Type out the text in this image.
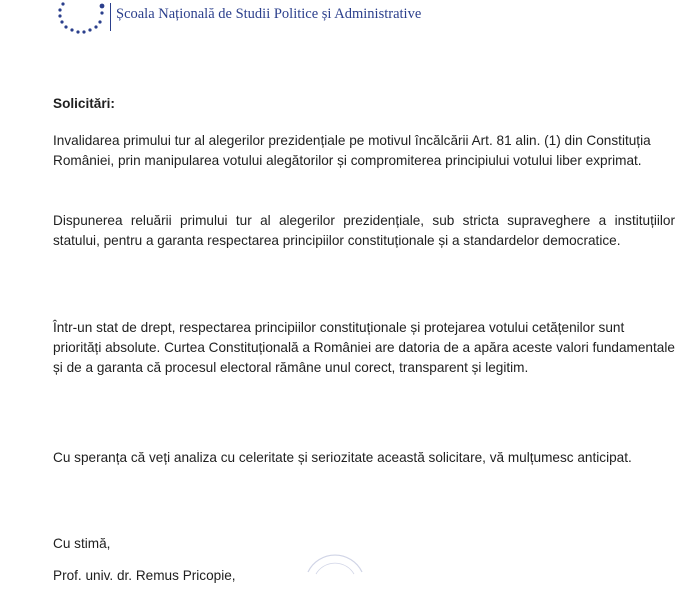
Școala Națională de Studii Politice și Administrative
Solicitări:
Invalidarea primului tur al alegerilor prezidențiale pe motivul încălcării Art. 81 alin. (1) din Constituția României, prin manipularea votului alegătorilor și compromiterea principiului votului liber exprimat.
Dispunerea reluării primului tur al alegerilor prezidențiale, sub stricta supraveghere a instituțiilor statului, pentru a garanta respectarea principiilor constituționale și a standardelor democratice.
Într-un stat de drept, respectarea principiilor constituționale și protejarea votului cetățenilor sunt priorități absolute. Curtea Constituțională a României are datoria de a apăra aceste valori fundamentale și de a garanta că procesul electoral rămâne unul corect, transparent și legitim.
Cu speranța că veți analiza cu celeritate și seriozitate această solicitare, vă mulțumesc anticipat.
Cu stimă,
Prof. univ. dr. Remus Pricopie,
